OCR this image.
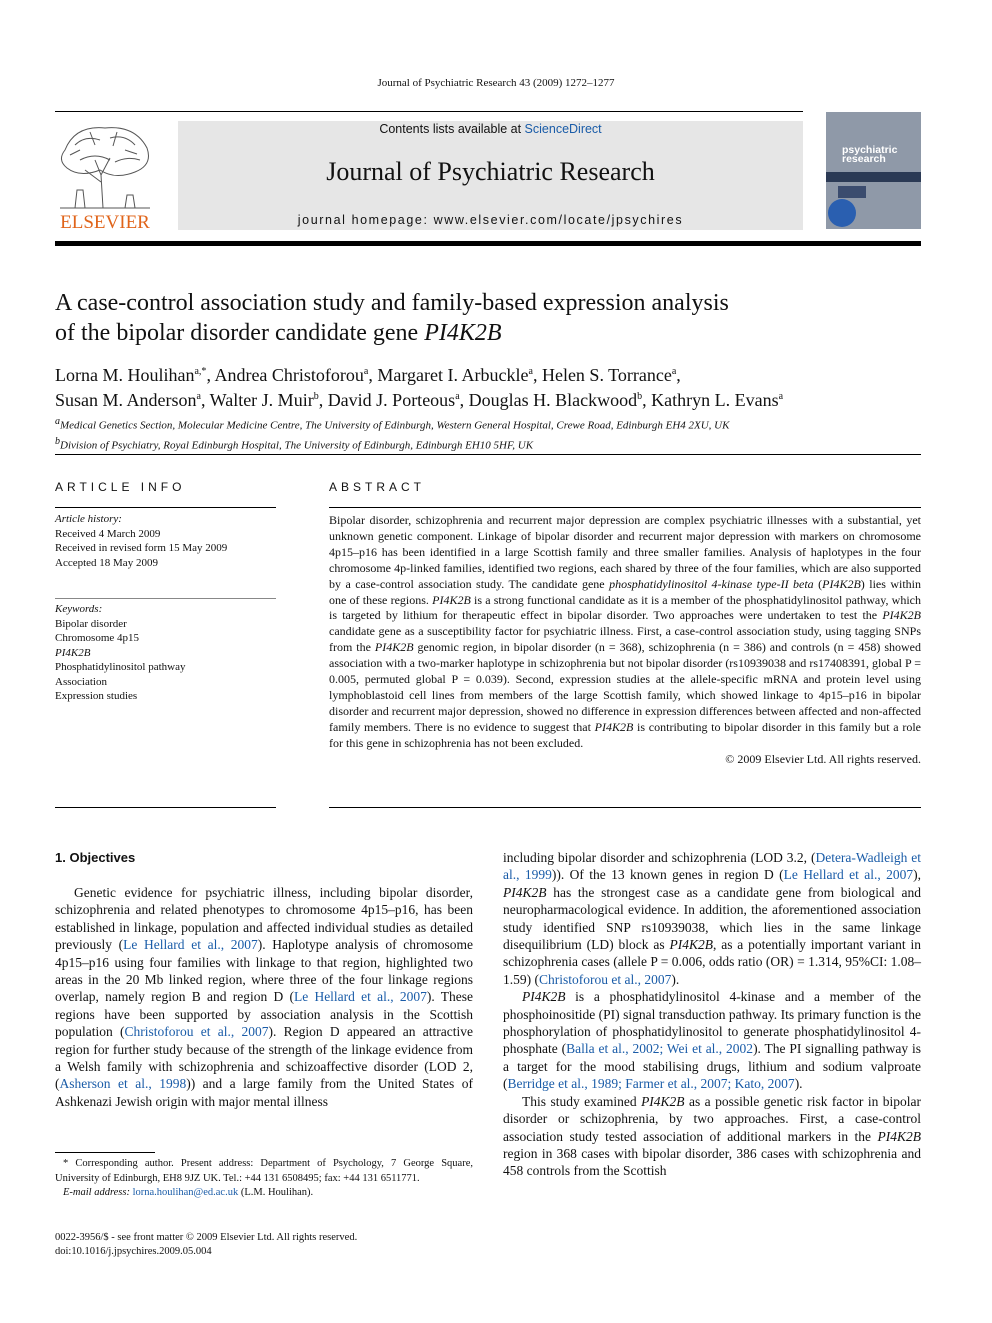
Journal of Psychiatric Research 43 (2009) 1272–1277
ELSEVIER
Contents lists available at ScienceDirect
Journal of Psychiatric Research
journal homepage: www.elsevier.com/locate/jpsychires
psychiatric research
A case-control association study and family-based expression analysis
of the bipolar disorder candidate gene PI4K2B
Lorna M. Houlihan$^{a,*}$, Andrea Christoforou$^a$, Margaret I. Arbuckle$^a$, Helen S. Torrance$^a$,
Susan M. Anderson$^a$, Walter J. Muir$^b$, David J. Porteous$^a$, Douglas H. Blackwood$^b$, Kathryn L. Evans$^a$
$^a$Medical Genetics Section, Molecular Medicine Centre, The University of Edinburgh, Western General Hospital, Crewe Road, Edinburgh EH4 2XU, UK
$^b$Division of Psychiatry, Royal Edinburgh Hospital, The University of Edinburgh, Edinburgh EH10 5HF, UK
ARTICLE INFO
Article history:
Received 4 March 2009
Received in revised form 15 May 2009
Accepted 18 May 2009
Keywords:
Bipolar disorder
Chromosome 4p15
PI4K2B
Phosphatidylinositol pathway
Association
Expression studies
ABSTRACT
Bipolar disorder, schizophrenia and recurrent major depression are complex psychiatric illnesses with a substantial, yet unknown genetic component. Linkage of bipolar disorder and recurrent major depression with markers on chromosome 4p15–p16 has been identified in a large Scottish family and three smaller families. Analysis of haplotypes in the four chromosome 4p-linked families, identified two regions, each shared by three of the four families, which are also supported by a case-control association study. The candidate gene phosphatidylinositol 4-kinase type-II beta (PI4K2B) lies within one of these regions. PI4K2B is a strong functional candidate as it is a member of the phosphatidylinositol pathway, which is targeted by lithium for therapeutic effect in bipolar disorder. Two approaches were undertaken to test the PI4K2B candidate gene as a susceptibility factor for psychiatric illness. First, a case-control association study, using tagging SNPs from the PI4K2B genomic region, in bipolar disorder (n = 368), schizophrenia (n = 386) and controls (n = 458) showed association with a two-marker haplotype in schizophrenia but not bipolar disorder (rs10939038 and rs17408391, global P = 0.005, permuted global P = 0.039). Second, expression studies at the allele-specific mRNA and protein level using lymphoblastoid cell lines from members of the large Scottish family, which showed linkage to 4p15–p16 in bipolar disorder and recurrent major depression, showed no difference in expression differences between affected and non-affected family members. There is no evidence to suggest that PI4K2B is contributing to bipolar disorder in this family but a role for this gene in schizophrenia has not been excluded.
© 2009 Elsevier Ltd. All rights reserved.
1. Objectives

Genetic evidence for psychiatric illness, including bipolar disorder, schizophrenia and related phenotypes to chromosome 4p15–p16, has been established in linkage, population and affected individual studies as detailed previously (Le Hellard et al., 2007). Haplotype analysis of chromosome 4p15–p16 using four families with linkage to that region, highlighted two areas in the 20 Mb linked region, where three of the four linkage regions overlap, namely region B and region D (Le Hellard et al., 2007). These regions have been supported by association analysis in the Scottish population (Christoforou et al., 2007). Region D appeared an attractive region for further study because of the strength of the linkage evidence from a Welsh family with schizophrenia and schizoaffective disorder (LOD 2, (Asherson et al., 1998)) and a large family from the United States of Ashkenazi Jewish origin with major mental illness

including bipolar disorder and schizophrenia (LOD 3.2, (Detera-Wadleigh et al., 1999)). Of the 13 known genes in region D (Le Hellard et al., 2007), PI4K2B has the strongest case as a candidate gene from biological and neuropharmacological evidence. In addition, the aforementioned association study identified SNP rs10939038, which lies in the same linkage disequilibrium (LD) block as PI4K2B, as a potentially important variant in schizophrenia cases (allele P = 0.006, odds ratio (OR) = 1.314, 95%CI: 1.08–1.59) (Christoforou et al., 2007).

PI4K2B is a phosphatidylinositol 4-kinase and a member of the phosphoinositide (PI) signal transduction pathway. Its primary function is the phosphorylation of phosphatidylinositol to generate phosphatidylinositol 4-phosphate (Balla et al., 2002; Wei et al., 2002). The PI signalling pathway is a target for the mood stabilising drugs, lithium and sodium valproate (Berridge et al., 1989; Farmer et al., 2007; Kato, 2007).

This study examined PI4K2B as a possible genetic risk factor in bipolar disorder or schizophrenia, by two approaches. First, a case-control association study tested association of additional markers in the PI4K2B region in 368 cases with bipolar disorder, 386 cases with schizophrenia and 458 controls from the Scottish

* Corresponding author. Present address: Department of Psychology, 7 George Square, University of Edinburgh, EH8 9JZ UK. Tel.: +44 131 6508495; fax: +44 131 6511771.

E-mail address: lorna.houlihan@ed.ac.uk (L.M. Houlihan).

0022-3956/$ - see front matter © 2009 Elsevier Ltd. All rights reserved.
doi:10.1016/j.jpsychires.2009.05.004
